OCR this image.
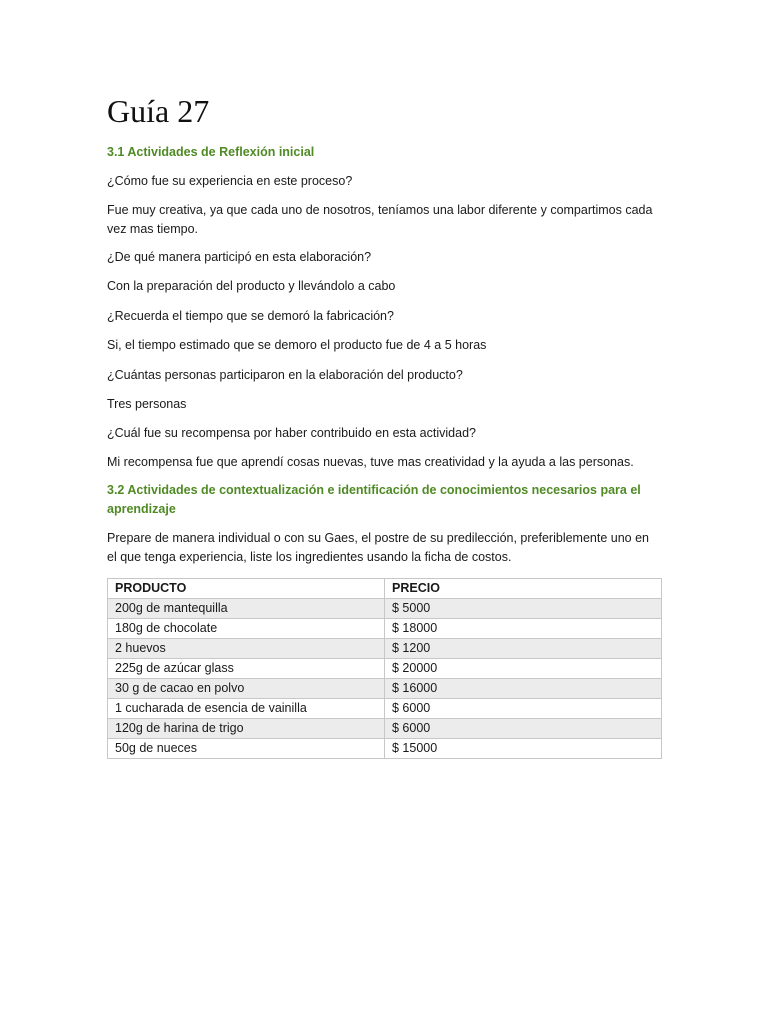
Guía 27
3.1 Actividades de Reflexión inicial

¿Cómo fue su experiencia en este proceso?

Fue muy creativa, ya que cada uno de nosotros, teníamos una labor diferente y compartimos cada vez mas tiempo.

¿De qué manera participó en esta elaboración?

Con la preparación del producto y llevándolo a cabo

¿Recuerda el tiempo que se demoró la fabricación?

Si, el tiempo estimado que se demoro el producto fue de 4 a 5 horas

¿Cuántas personas participaron en la elaboración del producto?

Tres personas

¿Cuál fue su recompensa por haber contribuido en esta actividad?

Mi recompensa fue que aprendí cosas nuevas, tuve mas creatividad y la ayuda a las personas.

3.2 Actividades de contextualización e identificación de conocimientos necesarios para el aprendizaje

Prepare de manera individual o con su Gaes, el postre de su predilección, preferiblemente uno en el que tenga experiencia, liste los ingredientes usando la ficha de costos.

PRODUCTO	PRECIO
200g de mantequilla	$ 5000
180g de chocolate	$ 18000
2 huevos	$ 1200
225g de azúcar glass	$ 20000
30 g de cacao en polvo	$ 16000
1 cucharada de esencia de vainilla	$ 6000
120g de harina de trigo	$ 6000
50g de nueces	$ 15000
